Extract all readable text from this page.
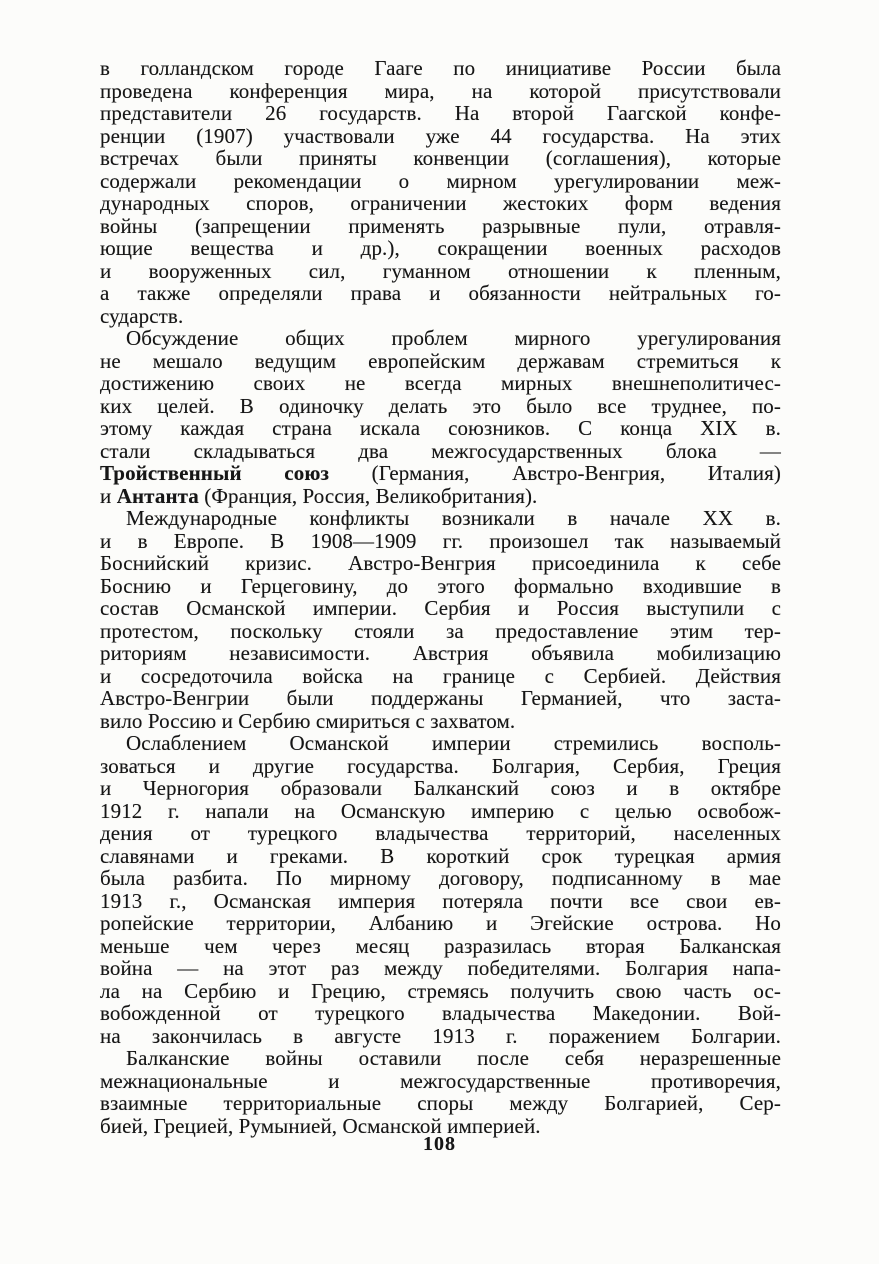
в голландском городе Гааге по инициативе России была
проведена конференция мира, на которой присутствовали
представители 26 государств. На второй Гаагской конфе-
ренции (1907) участвовали уже 44 государства. На этих
встречах были приняты конвенции (соглашения), которые
содержали рекомендации о мирном урегулировании меж-
дународных споров, ограничении жестоких форм ведения
войны (запрещении применять разрывные пули, отравля-
ющие вещества и др.), сокращении военных расходов
и вооруженных сил, гуманном отношении к пленным,
а также определяли права и обязанности нейтральных го-
сударств.
Обсуждение общих проблем мирного урегулирования
не мешало ведущим европейским державам стремиться к
достижению своих не всегда мирных внешнеполитичес-
ких целей. В одиночку делать это было все труднее, по-
этому каждая страна искала союзников. С конца XIX в.
стали складываться два межгосударственных блока —
Тройственный союз (Германия, Австро-Венгрия, Италия)
и Антанта (Франция, Россия, Великобритания).
Международные конфликты возникали в начале XX в.
и в Европе. В 1908—1909 гг. произошел так называемый
Боснийский кризис. Австро-Венгрия присоединила к себе
Боснию и Герцеговину, до этого формально входившие в
состав Османской империи. Сербия и Россия выступили с
протестом, поскольку стояли за предоставление этим тер-
риториям независимости. Австрия объявила мобилизацию
и сосредоточила войска на границе с Сербией. Действия
Австро-Венгрии были поддержаны Германией, что заста-
вило Россию и Сербию смириться с захватом.
Ослаблением Османской империи стремились восполь-
зоваться и другие государства. Болгария, Сербия, Греция
и Черногория образовали Балканский союз и в октябре
1912 г. напали на Османскую империю с целью освобож-
дения от турецкого владычества территорий, населенных
славянами и греками. В короткий срок турецкая армия
была разбита. По мирному договору, подписанному в мае
1913 г., Османская империя потеряла почти все свои ев-
ропейские территории, Албанию и Эгейские острова. Но
меньше чем через месяц разразилась вторая Балканская
война — на этот раз между победителями. Болгария напа-
ла на Сербию и Грецию, стремясь получить свою часть ос-
вобожденной от турецкого владычества Македонии. Вой-
на закончилась в августе 1913 г. поражением Болгарии.
Балканские войны оставили после себя неразрешенные
межнациональные и межгосударственные противоречия,
взаимные территориальные споры между Болгарией, Сер-
бией, Грецией, Румынией, Османской империей.
108
